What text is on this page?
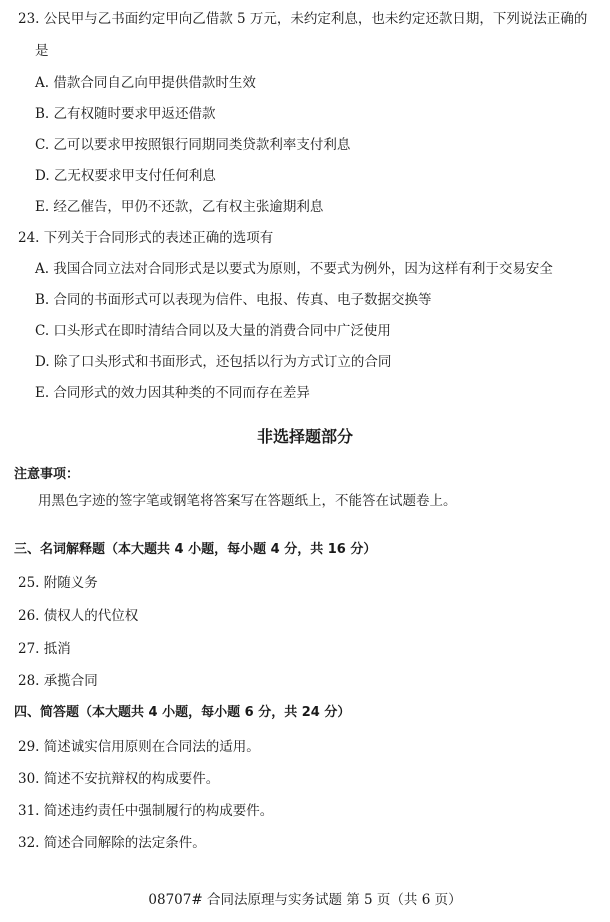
23. 公民甲与乙书面约定甲向乙借款 5 万元，未约定利息，也未约定还款日期，下列说法正确的
是
A. 借款合同自乙向甲提供借款时生效
B. 乙有权随时要求甲返还借款
C. 乙可以要求甲按照银行同期同类贷款利率支付利息
D. 乙无权要求甲支付任何利息
E. 经乙催告，甲仍不还款，乙有权主张逾期利息
24. 下列关于合同形式的表述正确的选项有
A. 我国合同立法对合同形式是以要式为原则，不要式为例外，因为这样有利于交易安全
B. 合同的书面形式可以表现为信件、电报、传真、电子数据交换等
C. 口头形式在即时清结合同以及大量的消费合同中广泛使用
D. 除了口头形式和书面形式，还包括以行为方式订立的合同
E. 合同形式的效力因其种类的不同而存在差异
非选择题部分
注意事项：
用黑色字迹的签字笔或钢笔将答案写在答题纸上，不能答在试题卷上。
三、名词解释题（本大题共 4 小题，每小题 4 分，共 16 分）
25. 附随义务
26. 债权人的代位权
27. 抵消
28. 承揽合同
四、简答题（本大题共 4 小题，每小题 6 分，共 24 分）
29. 简述诚实信用原则在合同法的适用。
30. 简述不安抗辩权的构成要件。
31. 简述违约责任中强制履行的构成要件。
32. 简述合同解除的法定条件。
08707# 合同法原理与实务试题 第 5 页（共 6 页）
